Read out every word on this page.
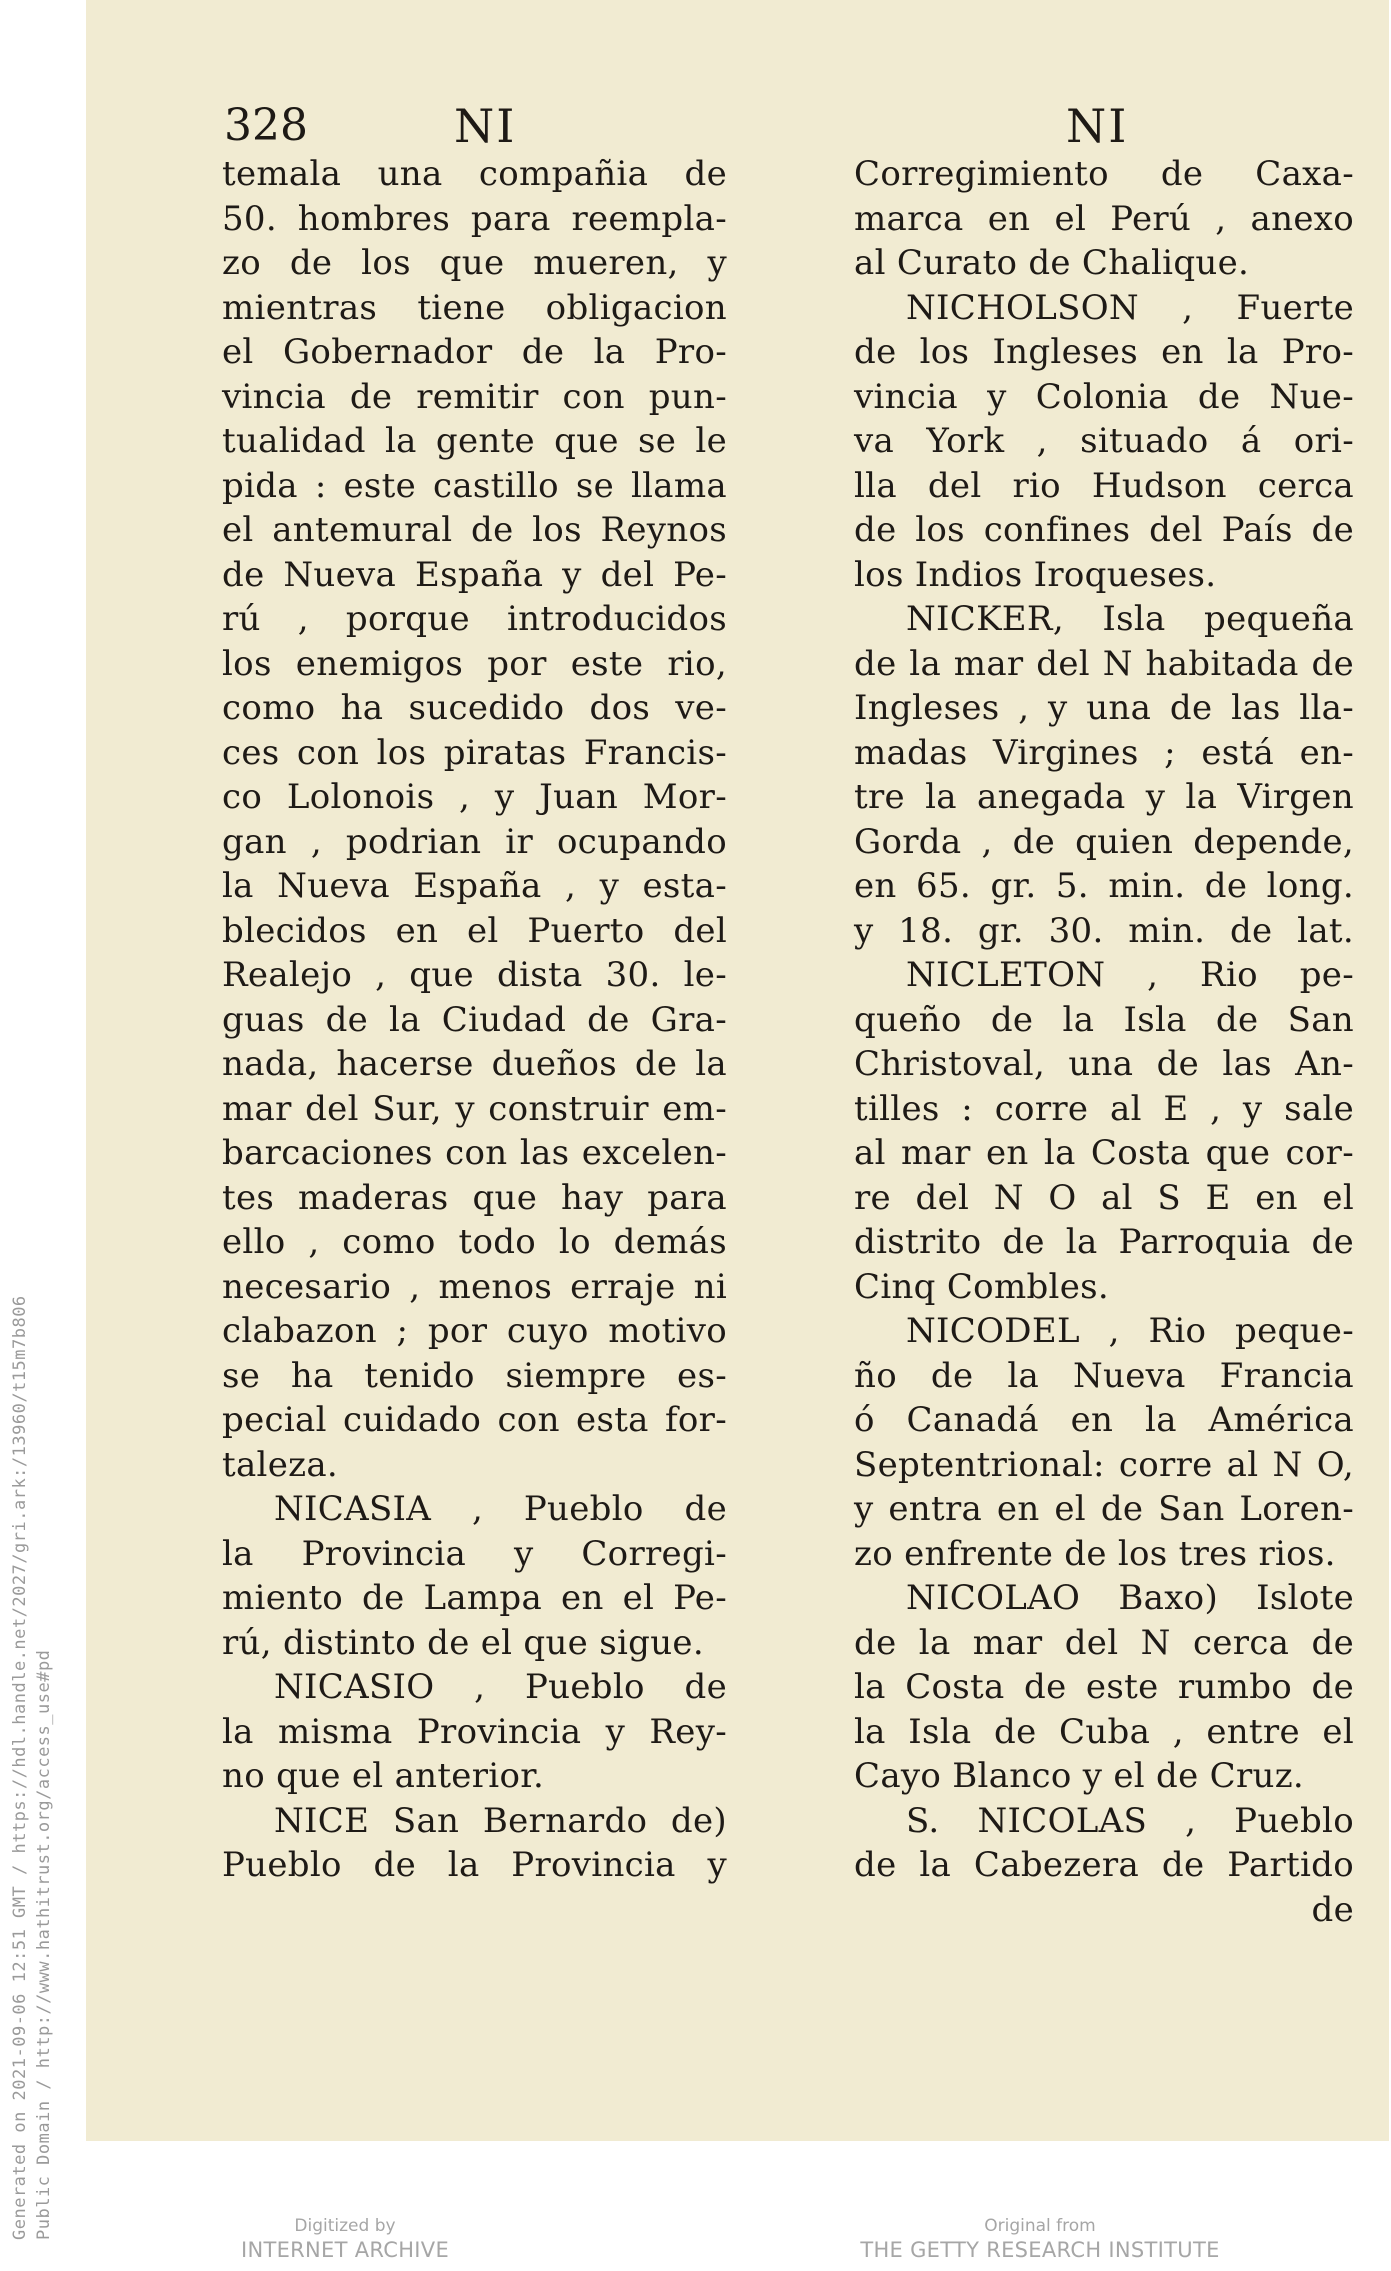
Generated on 2021-09-06 12:51 GMT / https://hdl.handle.net/2027/gri.ark:/13960/t15m7b806 Public Domain / http://www.hathitrust.org/access_use#pd
328	NI	NI
temala una compañia de
50. hombres para reempla-
zo de los que mueren, y
mientras tiene obligacion
el Gobernador de la Pro-
vincia de remitir con pun-
tualidad la gente que se le
pida : este castillo se llama
el antemural de los Reynos
de Nueva España y del Pe-
rú , porque introducidos
los enemigos por este rio,
como ha sucedido dos ve-
ces con los piratas Francis-
co Lolonois , y Juan Mor-
gan , podrian ir ocupando
la Nueva España , y esta-
blecidos en el Puerto del
Realejo , que dista 30. le-
guas de la Ciudad de Gra-
nada, hacerse dueños de la
mar del Sur, y construir em-
barcaciones con las excelen-
tes maderas que hay para
ello , como todo lo demás
necesario , menos erraje ni
clabazon ; por cuyo motivo
se ha tenido siempre es-
pecial cuidado con esta for-
taleza.
NICASIA , Pueblo de
la Provincia y Corregi-
miento de Lampa en el Pe-
rú, distinto de el que sigue.
NICASIO , Pueblo de
la misma Provincia y Rey-
no que el anterior.
NICE San Bernardo de)
Pueblo de la Provincia y
Corregimiento de Caxa-
marca en el Perú , anexo
al Curato de Chalique.
NICHOLSON , Fuerte
de los Ingleses en la Pro-
vincia y Colonia de Nue-
va York , situado á ori-
lla del rio Hudson cerca
de los confines del País de
los Indios Iroqueses.
NICKER, Isla pequeña
de la mar del N habitada de
Ingleses , y una de las lla-
madas Virgines ; está en-
tre la anegada y la Virgen
Gorda , de quien depende,
en 65. gr. 5. min. de long.
y 18. gr. 30. min. de lat.
NICLETON , Rio pe-
queño de la Isla de San
Christoval, una de las An-
tilles : corre al E , y sale
al mar en la Costa que cor-
re del N O al S E en el
distrito de la Parroquia de
Cinq Combles.
NICODEL , Rio peque-
ño de la Nueva Francia
ó Canadá en la América
Septentrional: corre al N O,
y entra en el de San Loren-
zo enfrente de los tres rios.
NICOLAO Baxo) Islote
de la mar del N cerca de
la Costa de este rumbo de
la Isla de Cuba , entre el
Cayo Blanco y el de Cruz.
S. NICOLAS , Pueblo
de la Cabezera de Partido
de
Digitized by
INTERNET ARCHIVE
Original from
THE GETTY RESEARCH INSTITUTE
